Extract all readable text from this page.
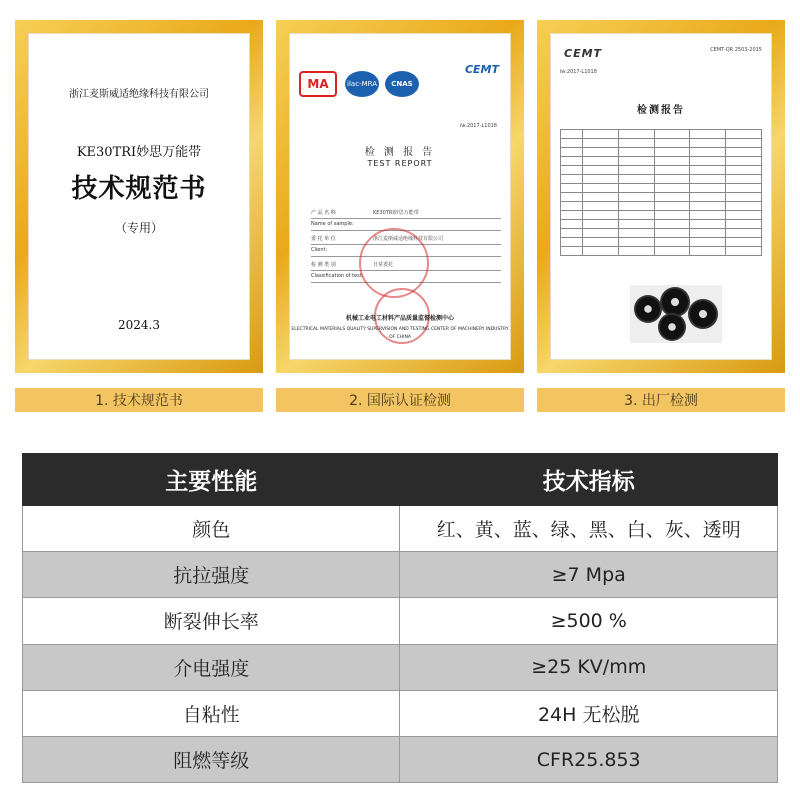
浙江麦斯威适绝缘科技有限公司
KE30TRI妙思万能带
技术规范书
（专用）
2024.3
1. 技术规范书
CEMT
MA	ilac-MRA	CNAS
№:2017-L1018
检 测 报 告
TEST REPORT
产 品 名 称	KE30TRI妙思万能带
Name of sample:
委 托 单 位	浙江麦斯威适绝缘科技有限公司
Client:
检 测 类 别	日常委托
Classification of test:
机械工业电工材料产品质量监督检测中心
ELECTRICAL MATERIALS QUALITY SUPERVISION AND TESTING CENTER OF MACHINERY INDUSTRY OF CHINA
2. 国际认证检测
CEMT	CEMT-QR 2503-2015
№:2017-L1018
检测报告

3. 出厂检测
主要性能	技术指标
颜色	红、黄、蓝、绿、黑、白、灰、透明
抗拉强度	≥7 Mpa
断裂伸长率	≥500 %
介电强度	≥25 KV/mm
自粘性	24H 无松脱
阻燃等级	CFR25.853
